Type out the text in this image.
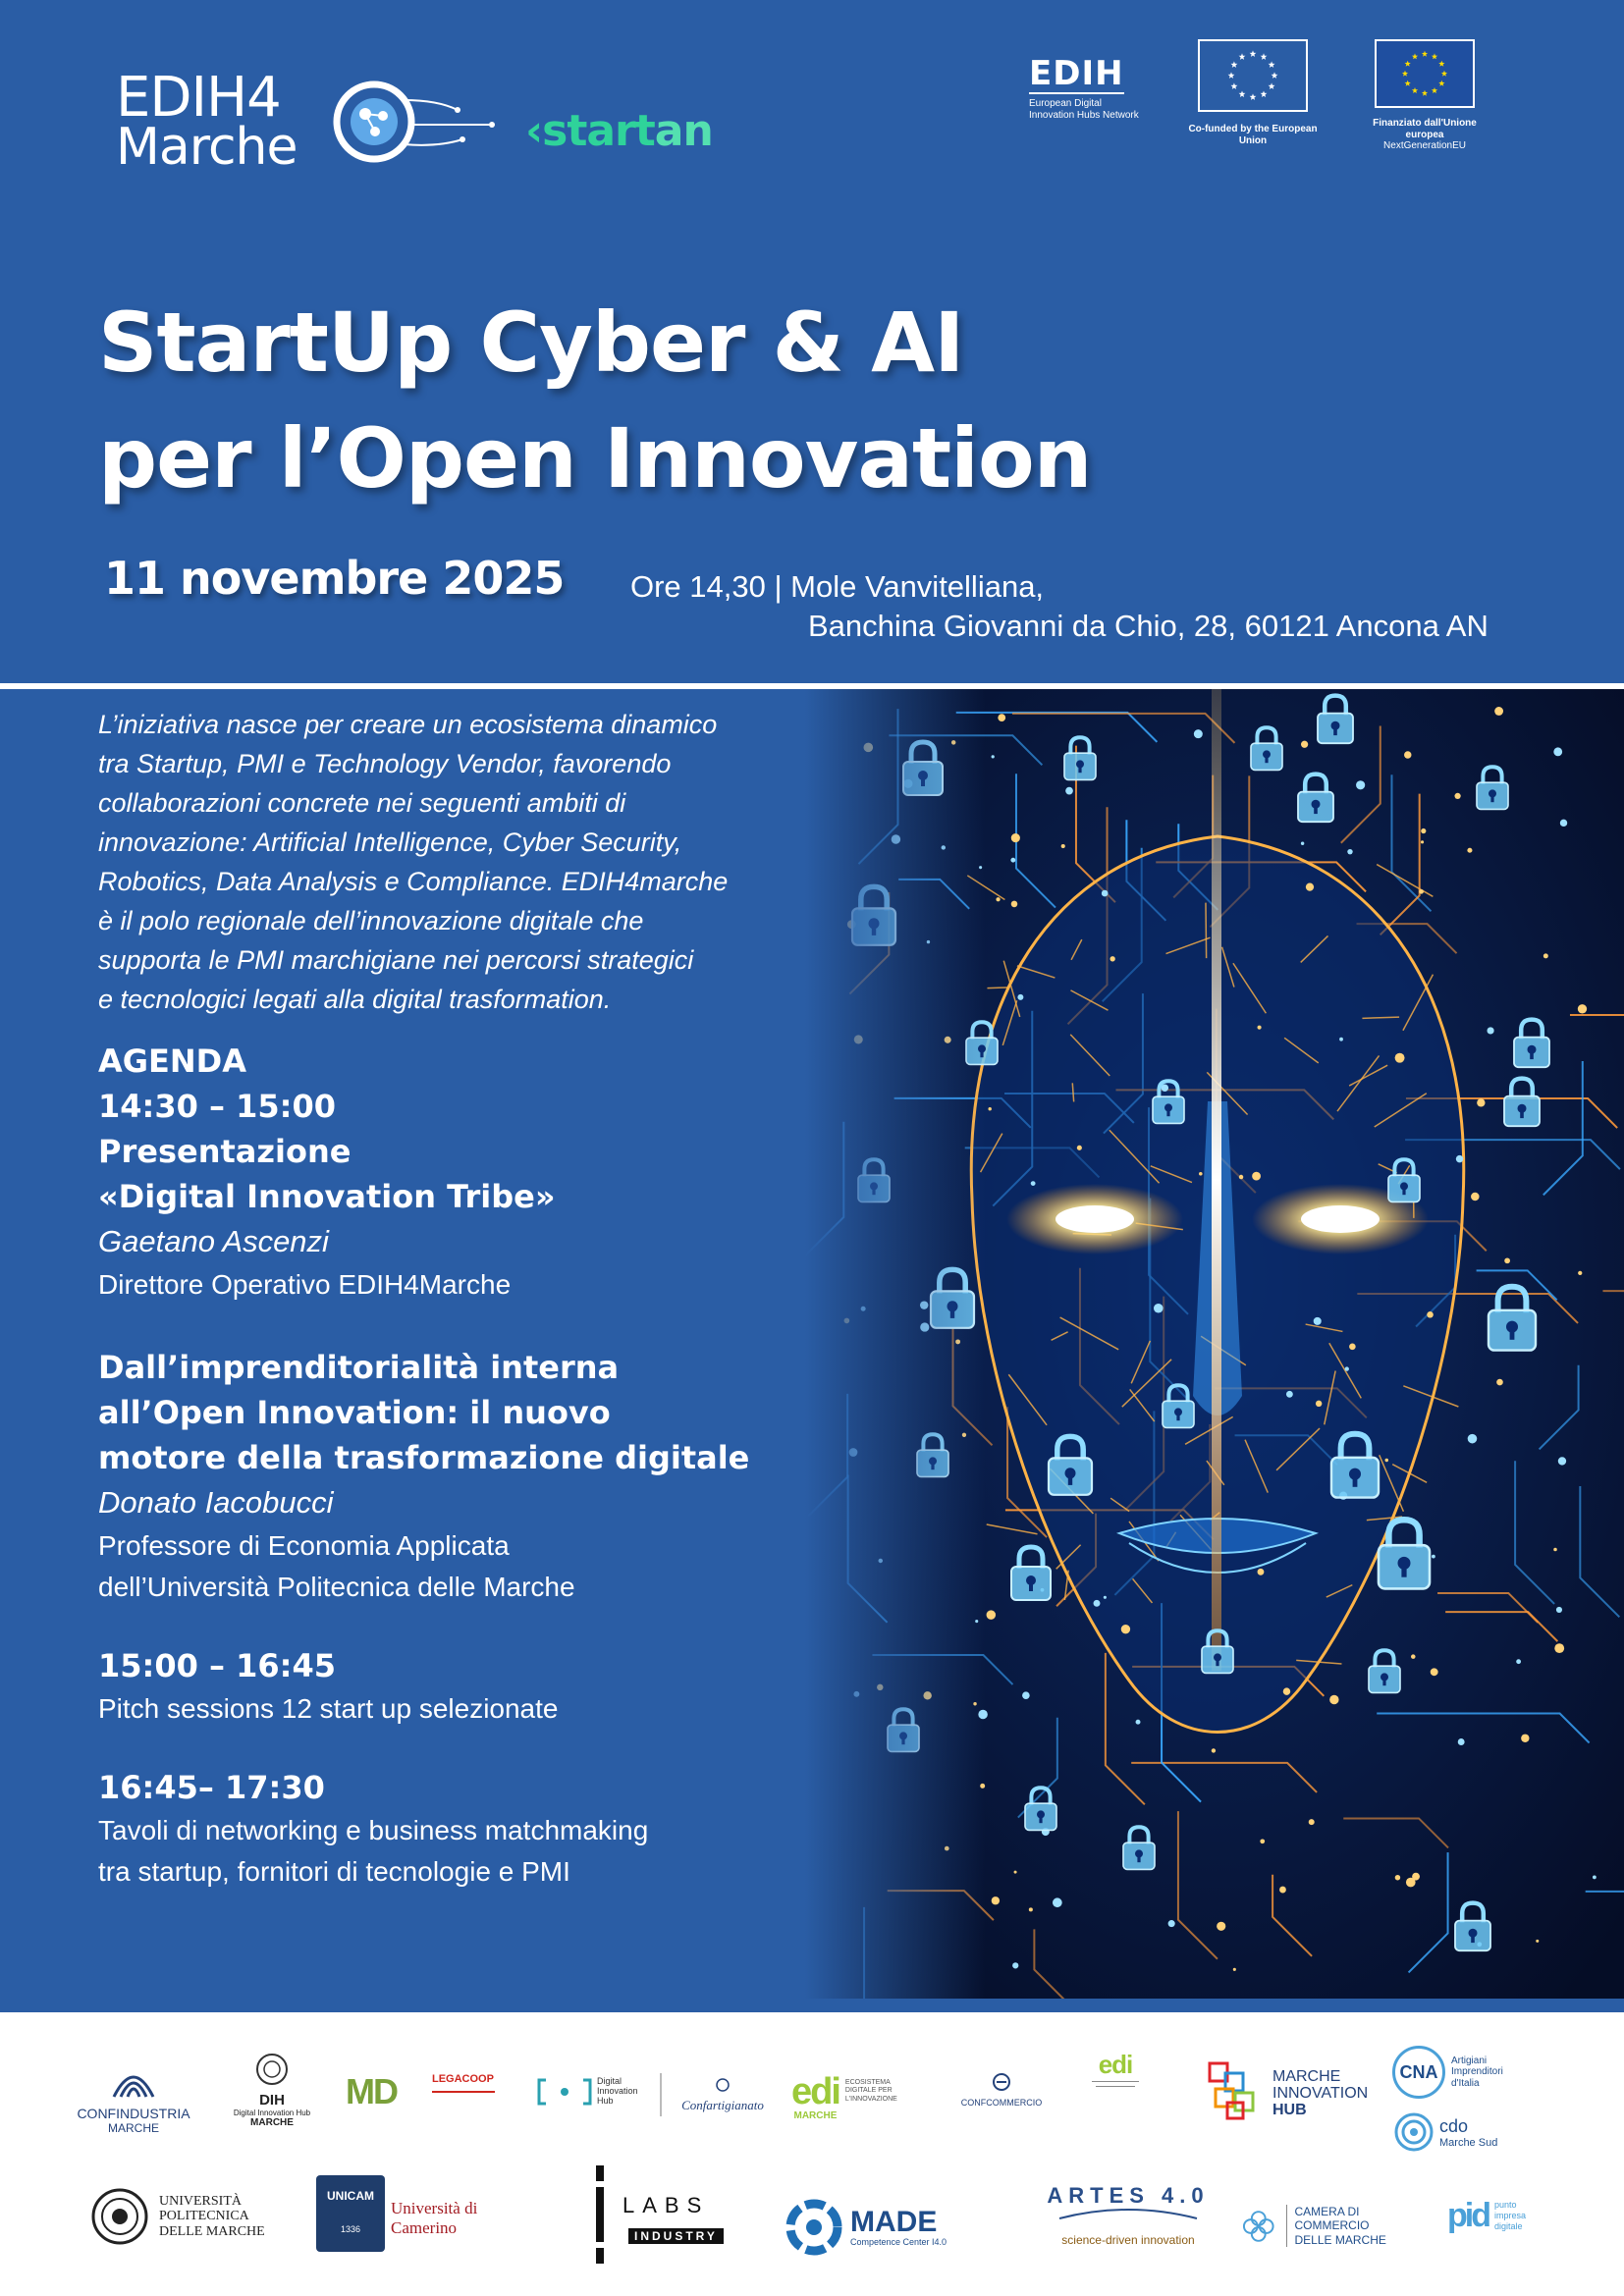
EDIH4
Marche	‹startan
EDIH
European Digital Innovation Hubs Network
Co-funded by the European Union
Finanziato dall'Unione europea
NextGenerationEU
StartUp Cyber & AI
per l’Open Innovation
11 novembre 2025 Ore 14,30 | Mole Vanvitelliana,
Banchina Giovanni da Chio, 28, 60121 Ancona AN
L’iniziativa nasce per creare un ecosistema dinamico
tra Startup, PMI e Technology Vendor, favorendo
collaborazioni concrete nei seguenti ambiti di
innovazione: Artificial Intelligence, Cyber Security,
Robotics, Data Analysis e Compliance. EDIH4marche
è il polo regionale dell’innovazione digitale che
supporta le PMI marchigiane nei percorsi strategici
e tecnologici legati alla digital trasformation.
AGENDA
14:30 – 15:00
Presentazione
«Digital Innovation Tribe»
Gaetano Ascenzi
Direttore Operativo EDIH4Marche
Dall’imprenditorialità interna
all’Open Innovation: il nuovo
motore della trasformazione digitale
Donato Iacobucci
Professore di Economia Applicata
dell’Università Politecnica delle Marche
15:00 – 16:45
Pitch sessions 12 start up selezionate
16:45– 17:30
Tavoli di networking e business matchmaking
tra startup, fornitori di tecnologie e PMI
CONFINDUSTRIA
MARCHE
DIH
Digital Innovation Hub
MARCHE
MD	LEGACOOP	Digital Innovation Hub	Confartigianato edi
MARCHE
ECOSISTEMA DIGITALE PER L'INNOVAZIONE	CONFCOMMERCIO
edi	MARCHE
INNOVATION
HUB
CNA
Artigiani Imprenditori d'Italia
cdo
Marche Sud
UNIVERSITÀ
POLITECNICA
DELLE MARCHE
UNICAM
1336
Università di Camerino
LABS
INDUSTRY	MADE
Competence Center I4.0
ARTES 4.0
science-driven innovation
CAMERA DI COMMERCIO
DELLE MARCHE
pid punto impresa digitale
